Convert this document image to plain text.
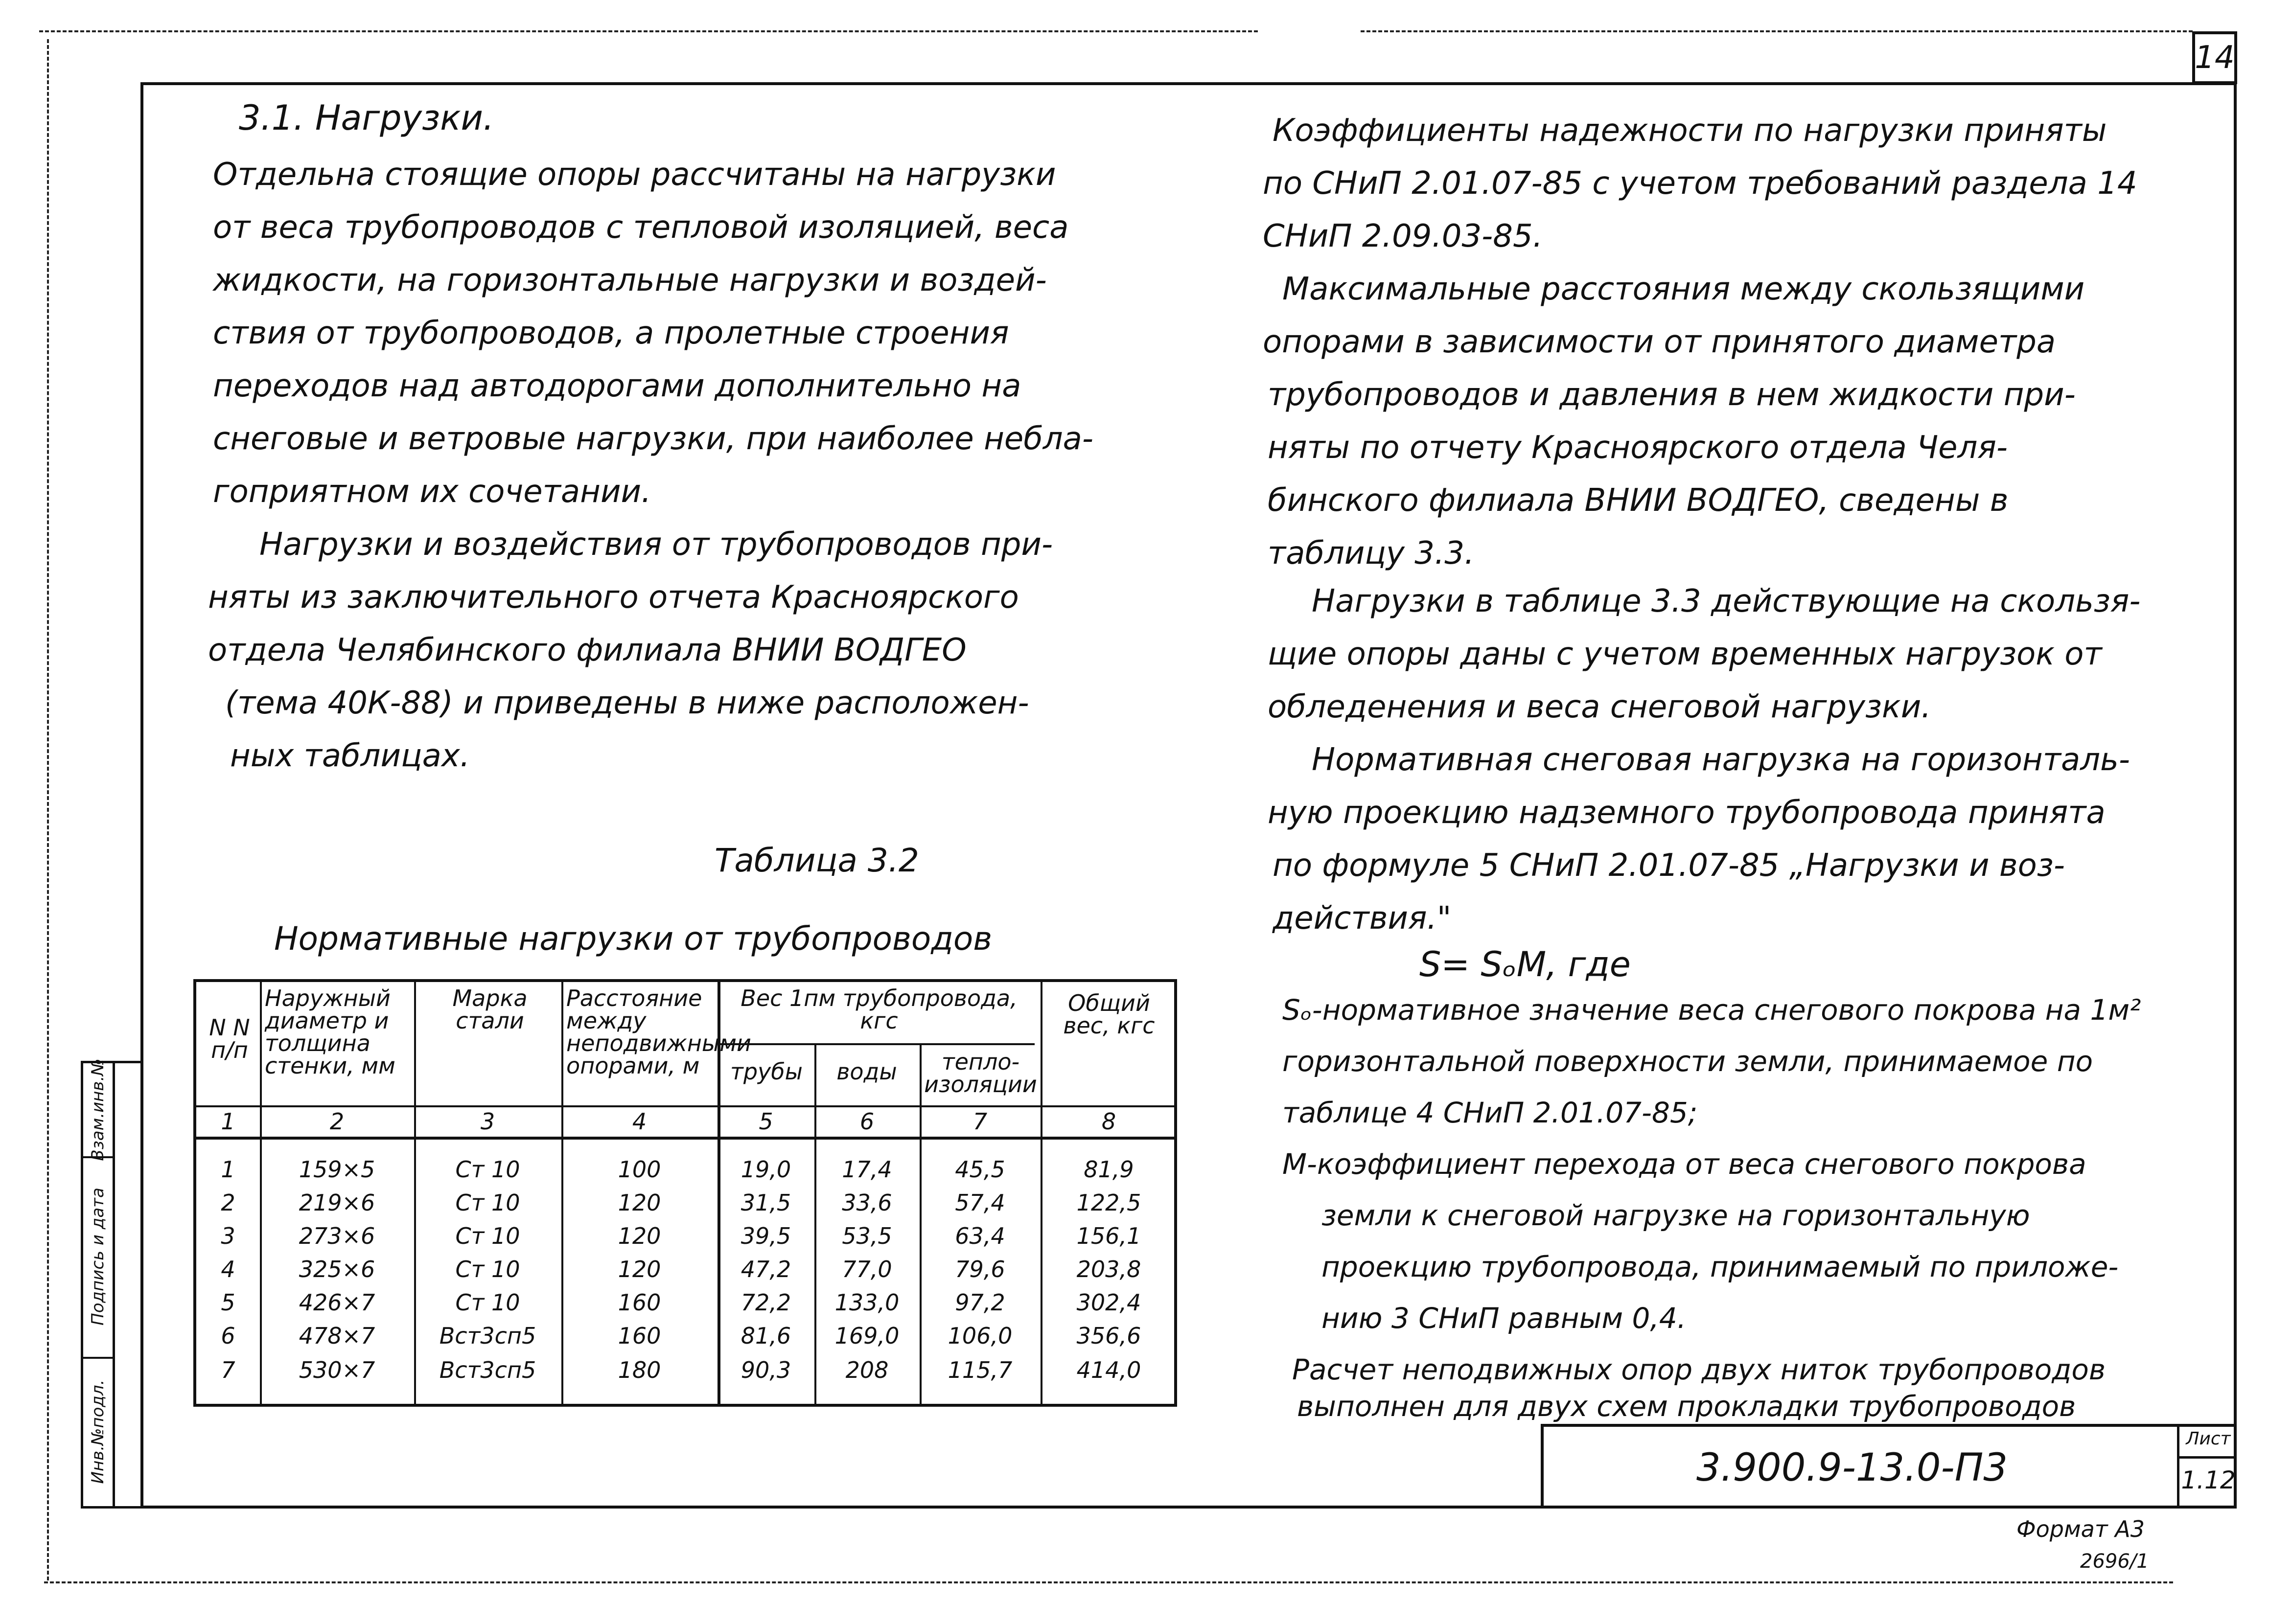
14
Взам.инв.№
Подпись и дата
Инв.№подл.
3.1. Нагрузки.
Отдельна стоящие опоры рассчитаны на нагрузки
от веса трубопроводов с тепловой изоляцией, веса
жидкости, на горизонтальные нагрузки и воздей-
ствия от трубопроводов, а пролетные строения
переходов над автодорогами дополнительно на
снеговые и ветровые нагрузки, при наиболее небла-
гоприятном их сочетании.
Нагрузки и воздействия от трубопроводов при-
няты из заключительного отчета Красноярского
отдела Челябинского филиала ВНИИ ВОДГЕО
(тема 40К-88) и приведены в ниже расположен-
ных таблицах.
Таблица 3.2
Нормативные нагрузки от трубопроводов
N N п/п
Наружный диаметр и толщина стенки, мм
Марка стали
Расстояние между неподвижными опорами, м
Вес 1пм трубопровода, кгс
трубы	воды	тепло-изоляции
Общий вес, кгс
1	2	3	4	5	6	7	8
1	159×5	Ст 10	100	19,0	17,4	45,5	81,9
2	219×6	Ст 10	120	31,5	33,6	57,4	122,5
3	273×6	Ст 10	120	39,5	53,5	63,4	156,1
4	325×6	Ст 10	120	47,2	77,0	79,6	203,8
5	426×7	Ст 10	160	72,2	133,0	97,2	302,4
6	478×7	Вст3сп5	160	81,6	169,0	106,0	356,6
7	530×7	Вст3сп5	180	90,3	208	115,7	414,0
Коэффициенты надежности по нагрузки приняты
по СНиП 2.01.07-85 с учетом требований раздела 14
СНиП 2.09.03-85.
Максимальные расстояния между скользящими
опорами в зависимости от принятого диаметра
трубопроводов и давления в нем жидкости при-
няты по отчету Красноярского отдела Челя-
бинского филиала ВНИИ ВОДГЕО, сведены в
таблицу 3.3.
Нагрузки в таблице 3.3 действующие на скользя-
щие опоры даны с учетом временных нагрузок от
обледенения и веса снеговой нагрузки.
Нормативная снеговая нагрузка на горизонталь-
ную проекцию надземного трубопровода принята
по формуле 5 СНиП 2.01.07-85 „Нагрузки и воз-
действия."
S= SₒM, где
Sₒ-нормативное значение веса снегового покрова на 1м²
горизонтальной поверхности земли, принимаемое по
таблице 4 СНиП 2.01.07-85;
М-коэффициент перехода от веса снегового покрова
земли к снеговой нагрузке на горизонтальную
проекцию трубопровода, принимаемый по приложе-
нию 3 СНиП равным 0,4.
Расчет неподвижных опор двух ниток трубопроводов
выполнен для двух схем прокладки трубопроводов
3.900.9-13.0-П3
Лист
1.12
Формат А3
2696/1
